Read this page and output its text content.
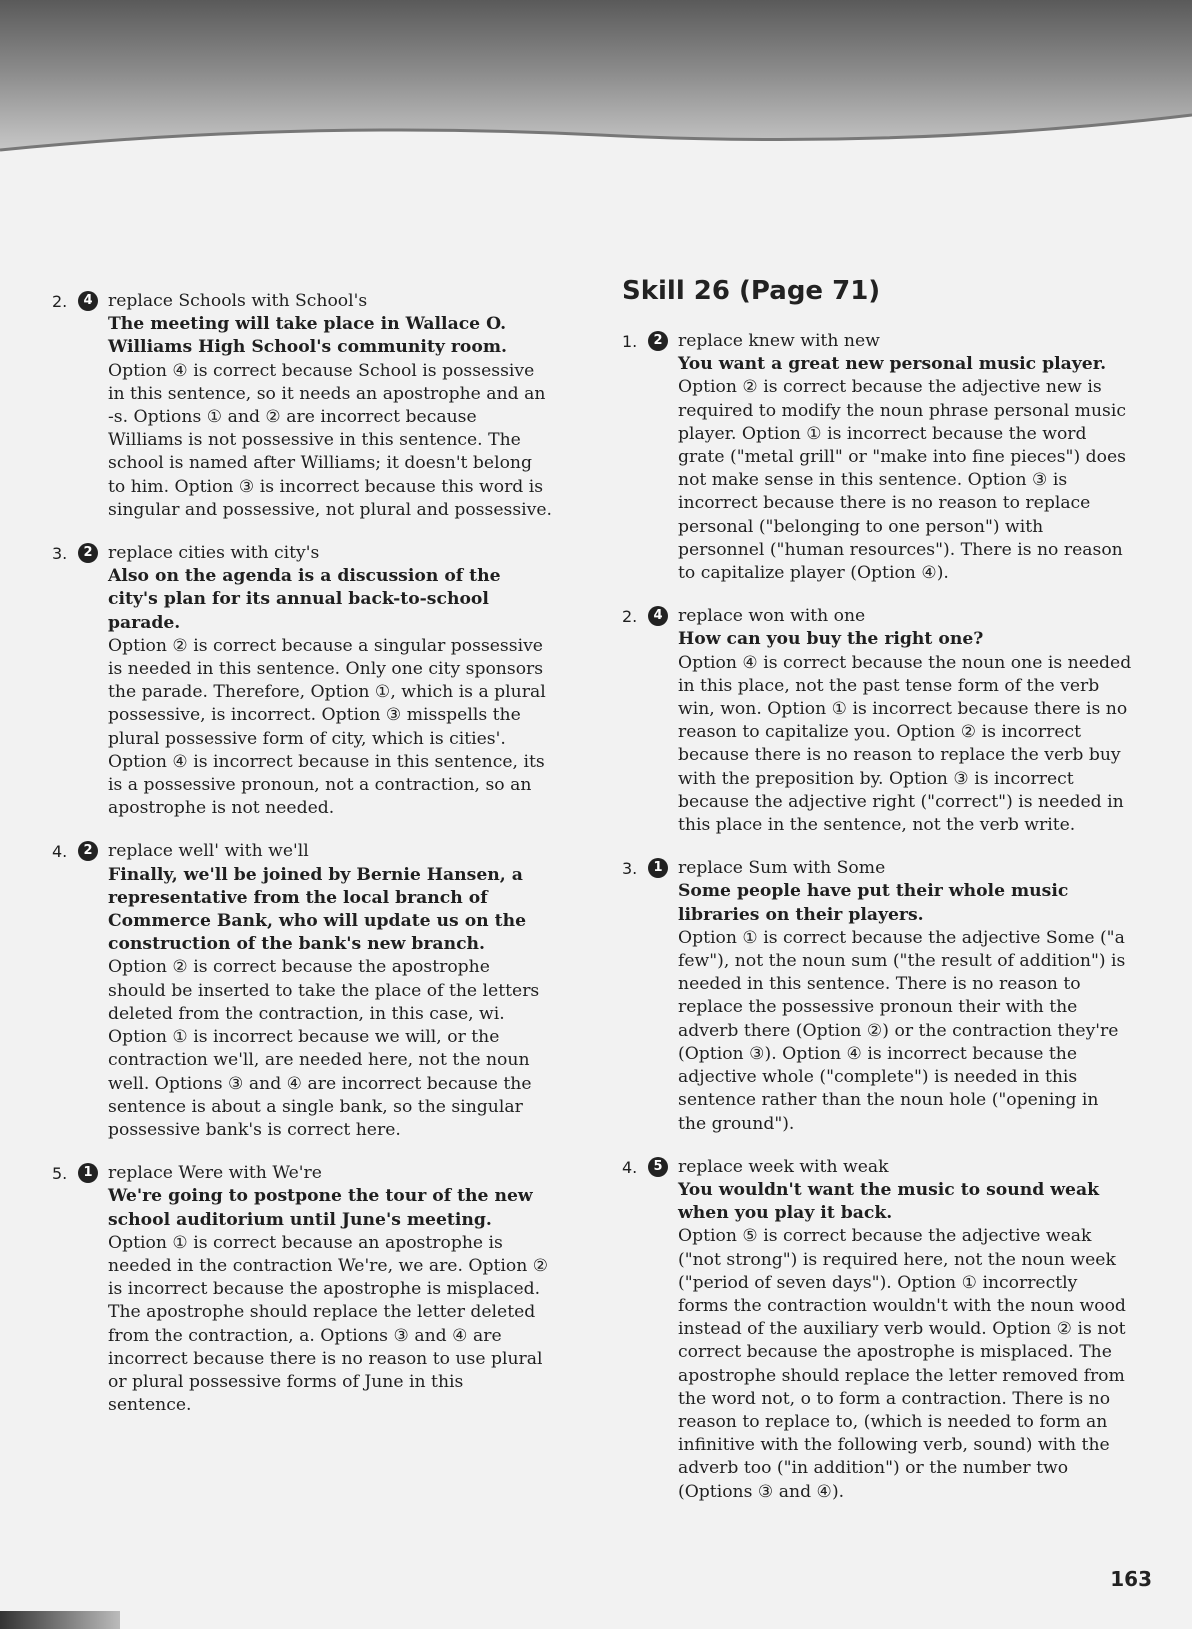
2.	4 replace Schools with School's

The meeting will take place in Wallace O. Williams High School's community room.

Option ④ is correct because School is possessive in this sentence, so it needs an apostrophe and an -s. Options ① and ② are incorrect because Williams is not possessive in this sentence. The school is named after Williams; it doesn't belong to him. Option ③ is incorrect because this word is singular and possessive, not plural and possessive.

3.	2 replace cities with city's

Also on the agenda is a discussion of the city's plan for its annual back-to-school parade.

Option ② is correct because a singular possessive is needed in this sentence. Only one city sponsors the parade. Therefore, Option ①, which is a plural possessive, is incorrect. Option ③ misspells the plural possessive form of city, which is cities'. Option ④ is incorrect because in this sentence, its is a possessive pronoun, not a contraction, so an apostrophe is not needed.

4.	2 replace well' with we'll

Finally, we'll be joined by Bernie Hansen, a representative from the local branch of Commerce Bank, who will update us on the construction of the bank's new branch.

Option ② is correct because the apostrophe should be inserted to take the place of the letters deleted from the contraction, in this case, wi. Option ① is incorrect because we will, or the contraction we'll, are needed here, not the noun well. Options ③ and ④ are incorrect because the sentence is about a single bank, so the singular possessive bank's is correct here.

5.	1 replace Were with We're

We're going to postpone the tour of the new school auditorium until June's meeting.

Option ① is correct because an apostrophe is needed in the contraction We're, we are. Option ② is incorrect because the apostrophe is misplaced. The apostrophe should replace the letter deleted from the contraction, a. Options ③ and ④ are incorrect because there is no reason to use plural or plural possessive forms of June in this sentence.

Skill 26 (Page 71)
1.	2 replace knew with new

You want a great new personal music player.

Option ② is correct because the adjective new is required to modify the noun phrase personal music player. Option ① is incorrect because the word grate ("metal grill" or "make into fine pieces") does not make sense in this sentence. Option ③ is incorrect because there is no reason to replace personal ("belonging to one person") with personnel ("human resources"). There is no reason to capitalize player (Option ④).

2.	4 replace won with one

How can you buy the right one?

Option ④ is correct because the noun one is needed in this place, not the past tense form of the verb win, won. Option ① is incorrect because there is no reason to capitalize you. Option ② is incorrect because there is no reason to replace the verb buy with the preposition by. Option ③ is incorrect because the adjective right ("correct") is needed in this place in the sentence, not the verb write.

3.	1 replace Sum with Some

Some people have put their whole music libraries on their players.

Option ① is correct because the adjective Some ("a few"), not the noun sum ("the result of addition") is needed in this sentence. There is no reason to replace the possessive pronoun their with the adverb there (Option ②) or the contraction they're (Option ③). Option ④ is incorrect because the adjective whole ("complete") is needed in this sentence rather than the noun hole ("opening in the ground").

4.	5 replace week with weak

You wouldn't want the music to sound weak when you play it back.

Option ⑤ is correct because the adjective weak ("not strong") is required here, not the noun week ("period of seven days"). Option ① incorrectly forms the contraction wouldn't with the noun wood instead of the auxiliary verb would. Option ② is not correct because the apostrophe is misplaced. The apostrophe should replace the letter removed from the word not, o to form a contraction. There is no reason to replace to, (which is needed to form an infinitive with the following verb, sound) with the adverb too ("in addition") or the number two (Options ③ and ④).

163
